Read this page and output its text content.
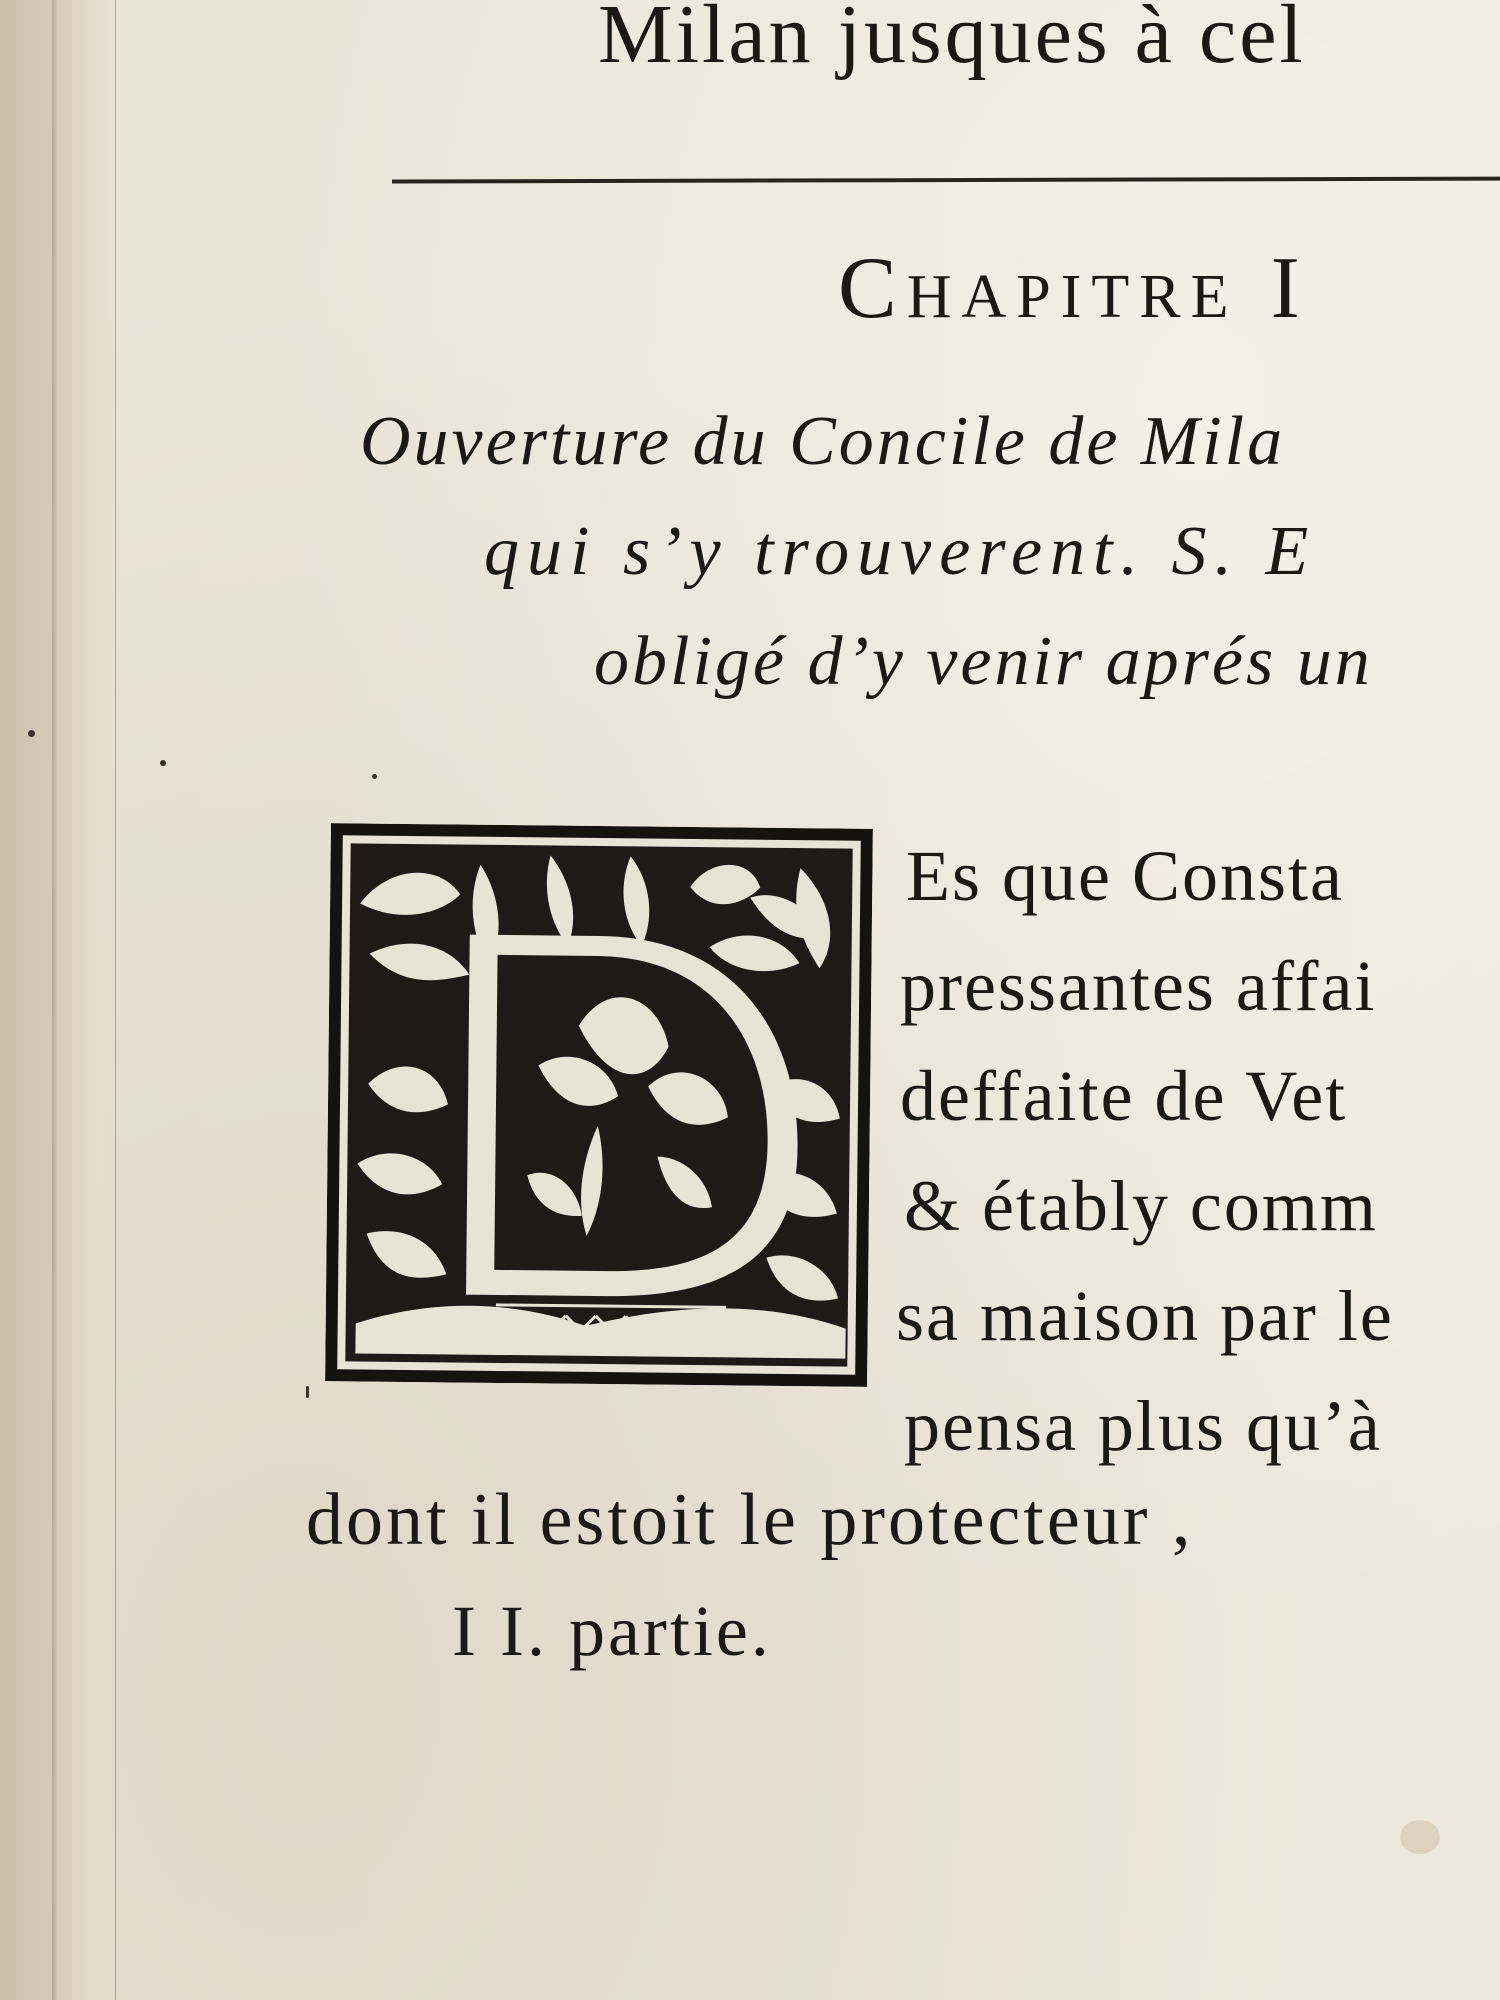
Milan jusques à cel
Chapitre I
Ouverture du Concile de Mila
qui s’y trouverent. S. E
obligé d’y venir aprés un
Es que Consta
pressantes affai
deffaite de Vet
& étably comm
sa maison par le
pensa plus qu’à
dont il estoit le protecteur ,
I I. partie.
